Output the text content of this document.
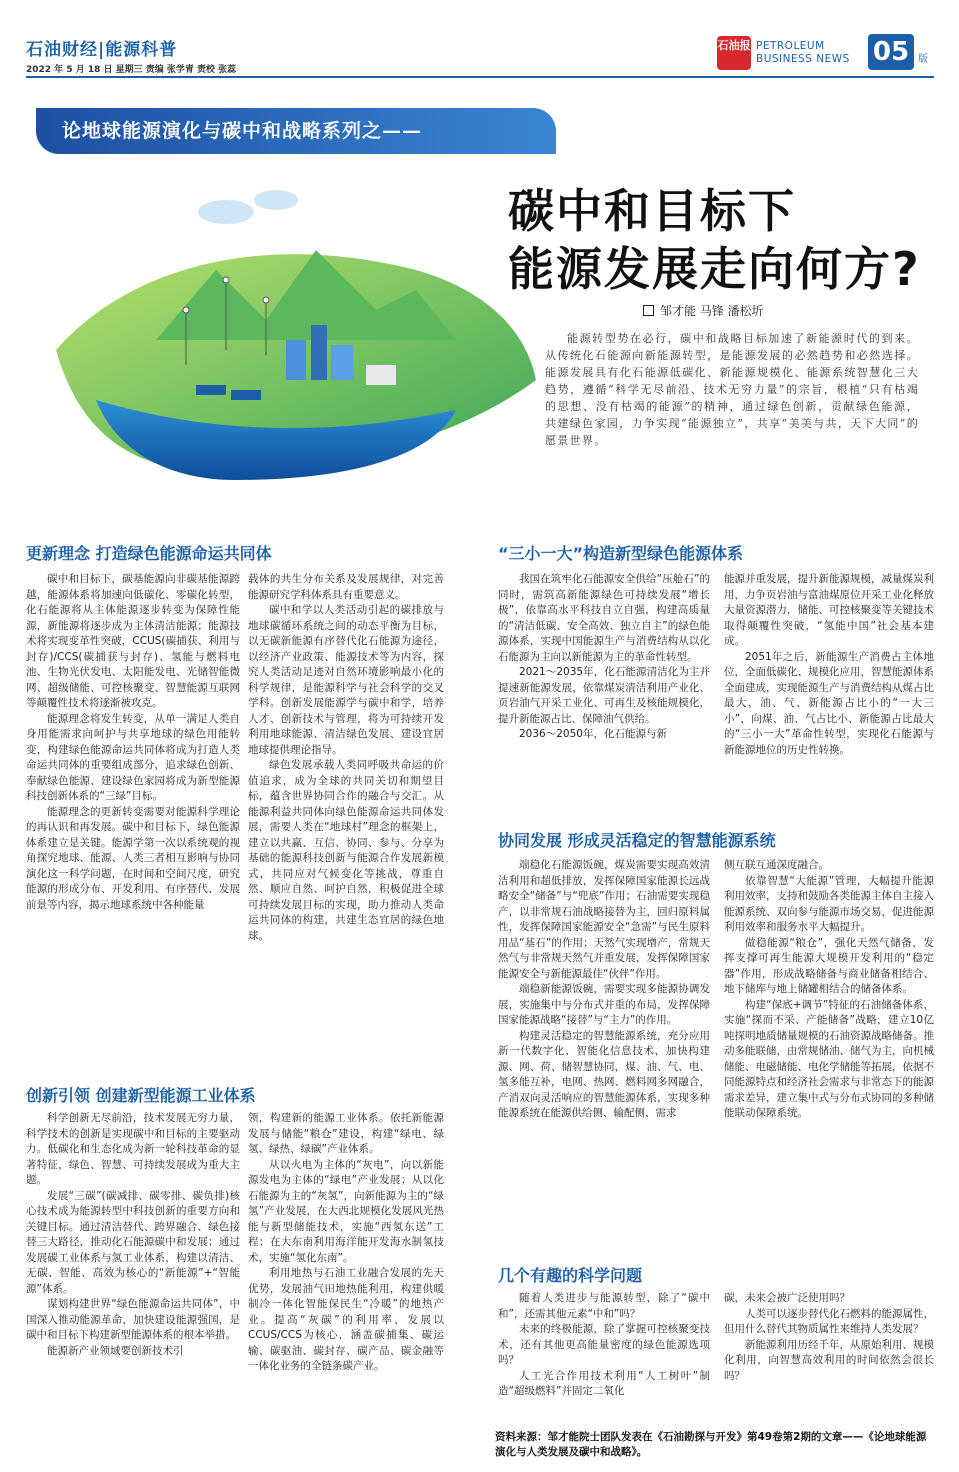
石油财经|能源科普
2022 年 5 月 18 日 星期三 责编 张学青 责校 张蕊
石油报 PETROLEUM
BUSINESS NEWS 05 版
论地球能源演化与碳中和战略系列之——
碳中和目标下
能源发展走向何方?
邹才能 马锋 潘松圻
能源转型势在必行，碳中和战略目标加速了新能源时代的到来。从传统化石能源向新能源转型，是能源发展的必然趋势和必然选择。能源发展具有化石能源低碳化、新能源规模化、能源系统智慧化三大趋势，遵循“科学无尽前沿、技术无穷力量”的宗旨，根植“只有枯竭的思想、没有枯竭的能源”的精神，通过绿色创新，贡献绿色能源，共建绿色家园，力争实现“能源独立”，共享“美美与共，天下大同”的愿景世界。
更新理念 打造绿色能源命运共同体

碳中和目标下，碳基能源向非碳基能源跨越，能源体系将加速向低碳化、零碳化转型，化石能源将从主体能源逐步转变为保障性能源，新能源将逐步成为主体清洁能源；能源技术将实现变革性突破，CCUS(碳捕获、利用与封存)/CCS(碳捕获与封存)、氢能与燃料电池、生物光伏发电、太阳能发电、光储智能微网、超级储能、可控核聚变、智慧能源互联网等颠覆性技术将逐渐被攻克。

能源理念将发生转变，从单一满足人类自身用能需求向呵护与共享地球的绿色用能转变，构建绿色能源命运共同体将成为打造人类命运共同体的重要组成部分，追求绿色创新、奉献绿色能源、建设绿色家园将成为新型能源科技创新体系的“三绿”目标。

能源理念的更新转变需要对能源科学理论的再认识和再发展。碳中和目标下，绿色能源体系建立是关键。能源学第一次以系统观的视角探究地球、能源、人类三者相互影响与协同演化这一科学问题，在时间和空间尺度，研究能源的形成分布、开发利用、有序替代、发展前景等内容，揭示地球系统中各种能量

载体的共生分布关系及发展规律，对完善能源研究学科体系具有重要意义。

碳中和学以人类活动引起的碳排放与地球碳循环系统之间的动态平衡为目标，以无碳新能源有序替代化石能源为途径，以经济产业政策、能源技术等为内容，探究人类活动足迹对自然环境影响最小化的科学规律，是能源科学与社会科学的交叉学科。创新发展能源学与碳中和学，培养人才、创新技术与管理，将为可持续开发利用地球能源、清洁绿色发展、建设宜居地球提供理论指导。

绿色发展承载人类同呼吸共命运的价值追求，成为全球的共同关切和期望目标，蕴含世界协同合作的融合与交汇。从能源利益共同体向绿色能源命运共同体发展，需要人类在“地球村”理念的框架上，建立以共赢、互信、协同、参与、分享为基础的能源科技创新与能源合作发展新模式，共同应对气候变化等挑战，尊重自然、顺应自然、呵护自然，积极促进全球可持续发展目标的实现，助力推动人类命运共同体的构建，共建生态宜居的绿色地球。

创新引领 创建新型能源工业体系

科学创新无尽前沿，技术发展无穷力量，科学技术的创新是实现碳中和目标的主要驱动力。低碳化和生态化成为新一轮科技革命的显著特征，绿色、智慧、可持续发展成为重大主题。

发展“三碳”(碳减排、碳零排、碳负排)核心技术成为能源转型中科技创新的重要方向和关键目标。通过清洁替代、跨界融合、绿色接替三大路径，推动化石能源碳中和发展；通过发展碳工业体系与氢工业体系，构建以清洁、无碳、智能、高效为核心的“新能源”+“智能源”体系。

谋划构建世界“绿色能源命运共同体”，中国深入推动能源革命，加快建设能源强国，是碳中和目标下构建新型能源体系的根本举措。

能源新产业领域要创新技术引

领，构建新的能源工业体系。依托新能源发展与储能“粮仓”建设，构建“绿电、绿氢、绿热、绿碳”产业体系。

从以火电为主体的“灰电”，向以新能源发电为主体的“绿电”产业发展；从以化石能源为主的“灰氢”，向新能源为主的“绿氢”产业发展，在大西北规模化发展风光热能与新型储能技术，实施“西氢东送”工程；在大东南利用海洋能开发海水制氢技术，实施“氢化东南”。

利用地热与石油工业融合发展的先天优势，发展油气田地热能利用，构建供暖制冷一体化智能保民生“冷暖”的地热产业。提高“灰碳”的利用率，发展以CCUS/CCS为核心，涵盖碳捕集、碳运输、碳驱油、碳封存、碳产品、碳金融等一体化业务的全链条碳产业。

“三小一大”构造新型绿色能源体系

我国在筑牢化石能源安全供给“压舱石”的同时，需筑高新能源绿色可持续发展“增长极”，依靠高水平科技自立自强，构建高质量的“清洁低碳、安全高效、独立自主”的绿色能源体系，实现中国能源生产与消费结构从以化石能源为主向以新能源为主的革命性转型。

2021～2035年，化石能源清洁化为主并提速新能源发展，依靠煤炭清洁利用产业化、页岩油气开采工业化、可再生及核能规模化，提升新能源占比、保障油气供给。

2036～2050年，化石能源与新

能源并重发展，提升新能源规模，减量煤炭利用，力争页岩油与富油煤原位开采工业化释放大量资源潜力，储能、可控核聚变等关键技术取得颠覆性突破，“氢能中国”社会基本建成。

2051年之后，新能源生产消费占主体地位，全面低碳化、规模化应用，智慧能源体系全面建成，实现能源生产与消费结构从煤占比最大，油、气、新能源占比小的“一大三小”，向煤、油、气占比小、新能源占比最大的“三小一大”革命性转型，实现化石能源与新能源地位的历史性转换。

协同发展 形成灵活稳定的智慧能源系统

端稳化石能源饭碗，煤炭需要实现高效清洁利用和超低排放，发挥保障国家能源长远战略安全“储备”与“兜底”作用；石油需要实现稳产，以非常规石油战略接替为主，回归原料属性，发挥保障国家能源安全“急需”与民生原料用品“基石”的作用；天然气实现增产，常规天然气与非常规天然气并重发展，发挥保障国家能源安全与新能源最佳“伙伴”作用。

端稳新能源饭碗，需要实现多能源协调发展，实施集中与分布式并重的布局，发挥保障国家能源战略“接替”与“主力”的作用。

构建灵活稳定的智慧能源系统，充分应用新一代数字化、智能化信息技术，加快构建源、网、荷、储智慧协同，煤、油、气、电、氢多能互补，电网、热网、燃料网多网融合，产消双向灵活响应的智慧能源体系，实现多种能源系统在能源供给侧、输配侧、需求

侧互联互通深度融合。

依靠智慧“大能源”管理，大幅提升能源利用效率，支持和鼓励各类能源主体自主接入能源系统、双向参与能源市场交易，促进能源利用效率和服务水平大幅提升。

做稳能源“粮仓”，强化天然气储备，发挥支撑可再生能源大规模开发利用的“稳定器”作用，形成战略储备与商业储备相结合、地下储库与地上储罐相结合的储备体系。

构建“保底+调节”特征的石油储备体系，实施“探而不采、产能储备”战略，建立10亿吨探明地质储量规模的石油资源战略储备。推动多能联储，由常规储油、储气为主，向机械储能、电磁储能、电化学储能等拓展，依据不同能源特点和经济社会需求与非常态下的能源需求差异，建立集中式与分布式协同的多种储能联动保障系统。

几个有趣的科学问题

随着人类进步与能源转型，除了“碳中和”，还需其他元素“中和”吗？

未来的终极能源，除了掌握可控核聚变技术，还有其他更高能量密度的绿色能源选项吗？

人工光合作用技术利用“人工树叶”制造“超级燃料”并固定二氧化

碳，未来会被广泛使用吗？

人类可以逐步替代化石燃料的能源属性，但用什么替代其物质属性来维持人类发展？

新能源利用历经千年，从原始利用、规模化利用，向智慧高效利用的时间依然会很长吗？

资料来源：邹才能院士团队发表在《石油勘探与开发》第49卷第2期的文章——《论地球能源演化与人类发展及碳中和战略》。
